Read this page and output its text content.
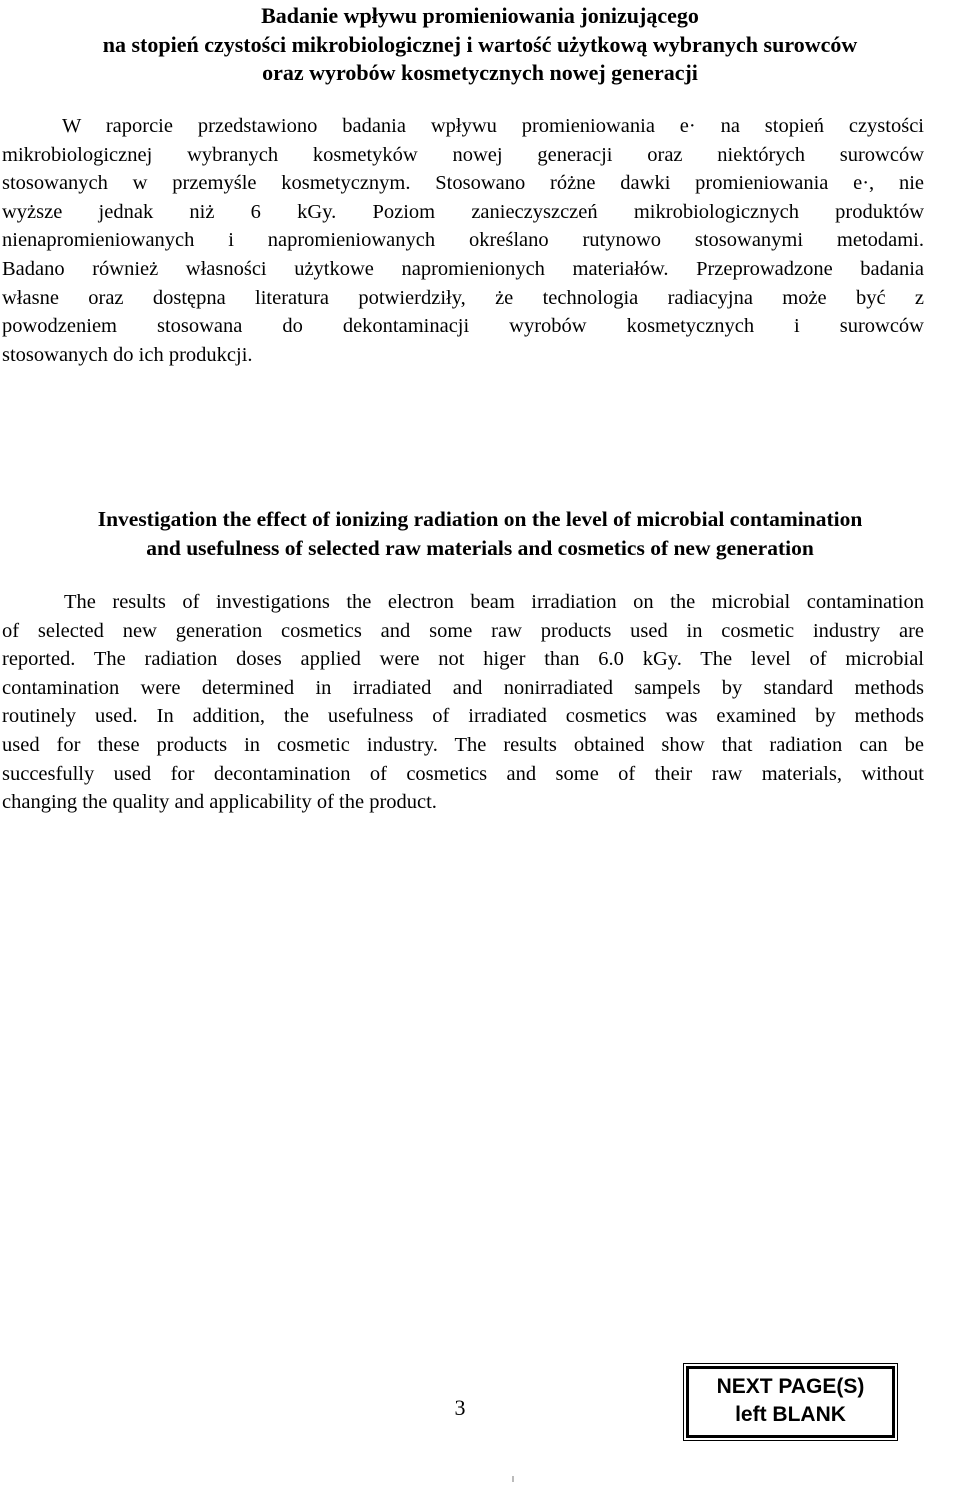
Badanie wpływu promieniowania jonizującego
na stopień czystości mikrobiologicznej i wartość użytkową wybranych surowców
oraz wyrobów kosmetycznych nowej generacji
W raporcie przedstawiono badania wpływu promieniowania e· na stopień czystości
mikrobiologicznej wybranych kosmetyków nowej generacji oraz niektórych surowców
stosowanych w przemyśle kosmetycznym. Stosowano różne dawki promieniowania e·, nie
wyższe jednak niż 6 kGy. Poziom zanieczyszczeń mikrobiologicznych produktów
nienapromieniowanych i napromieniowanych określano rutynowo stosowanymi metodami.
Badano również własności użytkowe napromienionych materiałów. Przeprowadzone badania
własne oraz dostępna literatura potwierdziły, że technologia radiacyjna może być z
powodzeniem stosowana do dekontaminacji wyrobów kosmetycznych i surowców
stosowanych do ich produkcji.
Investigation the effect of ionizing radiation on the level of microbial contamination
and usefulness of selected raw materials and cosmetics of new generation
The results of investigations the electron beam irradiation on the microbial contamination
of selected new generation cosmetics and some raw products used in cosmetic industry are
reported. The radiation doses applied were not higer than 6.0 kGy. The level of microbial
contamination were determined in irradiated and nonirradiated sampels by standard methods
routinely used. In addition, the usefulness of irradiated cosmetics was examined by methods
used for these products in cosmetic industry. The results obtained show that radiation can be
succesfully used for decontamination of cosmetics and some of their raw materials, without
changing the quality and applicability of the product.
3
NEXT PAGE(S)
left BLANK
